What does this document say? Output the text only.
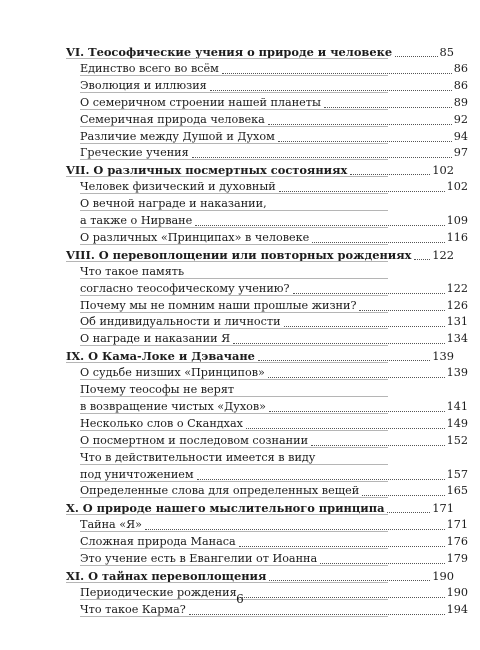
VI. Теософические учения о природе и человеке	85
Единство всего во всём	86
Эволюция и иллюзия	86
О семеричном строении нашей планеты	89
Семеричная природа человека	92
Различие между Душой и Духом	94
Греческие учения	97
VII. О различных посмертных состояниях	102
Человек физический и духовный	102
О вечной награде и наказании,
а также о Нирване	109
О различных «Принципах» в человеке	116
VIII. О перевоплощении или повторных рождениях 122
Что такое память
согласно теософическому учению?	122
Почему мы не помним наши прошлые жизни?	126
Об индивидуальности и личности	131
О награде и наказании Я	134
IX. О Кама-Локе и Дэвачане	139
О судьбе низших «Принципов»	139
Почему теософы не верят
в возвращение чистых «Духов»	141
Несколько слов о Скандхах	149
О посмертном и последовом сознании	152
Что в действительности имеется в виду
под уничтожением	157
Определенные слова для определенных вещей	165
X. О природе нашего мыслительного принципа	171
Тайна «Я»	171
Сложная природа Манаса	176
Это учение есть в Евангелии от Иоанна	179
XI. О тайнах перевоплощения	190
Периодические рождения	190
Что такое Карма?	194
6
